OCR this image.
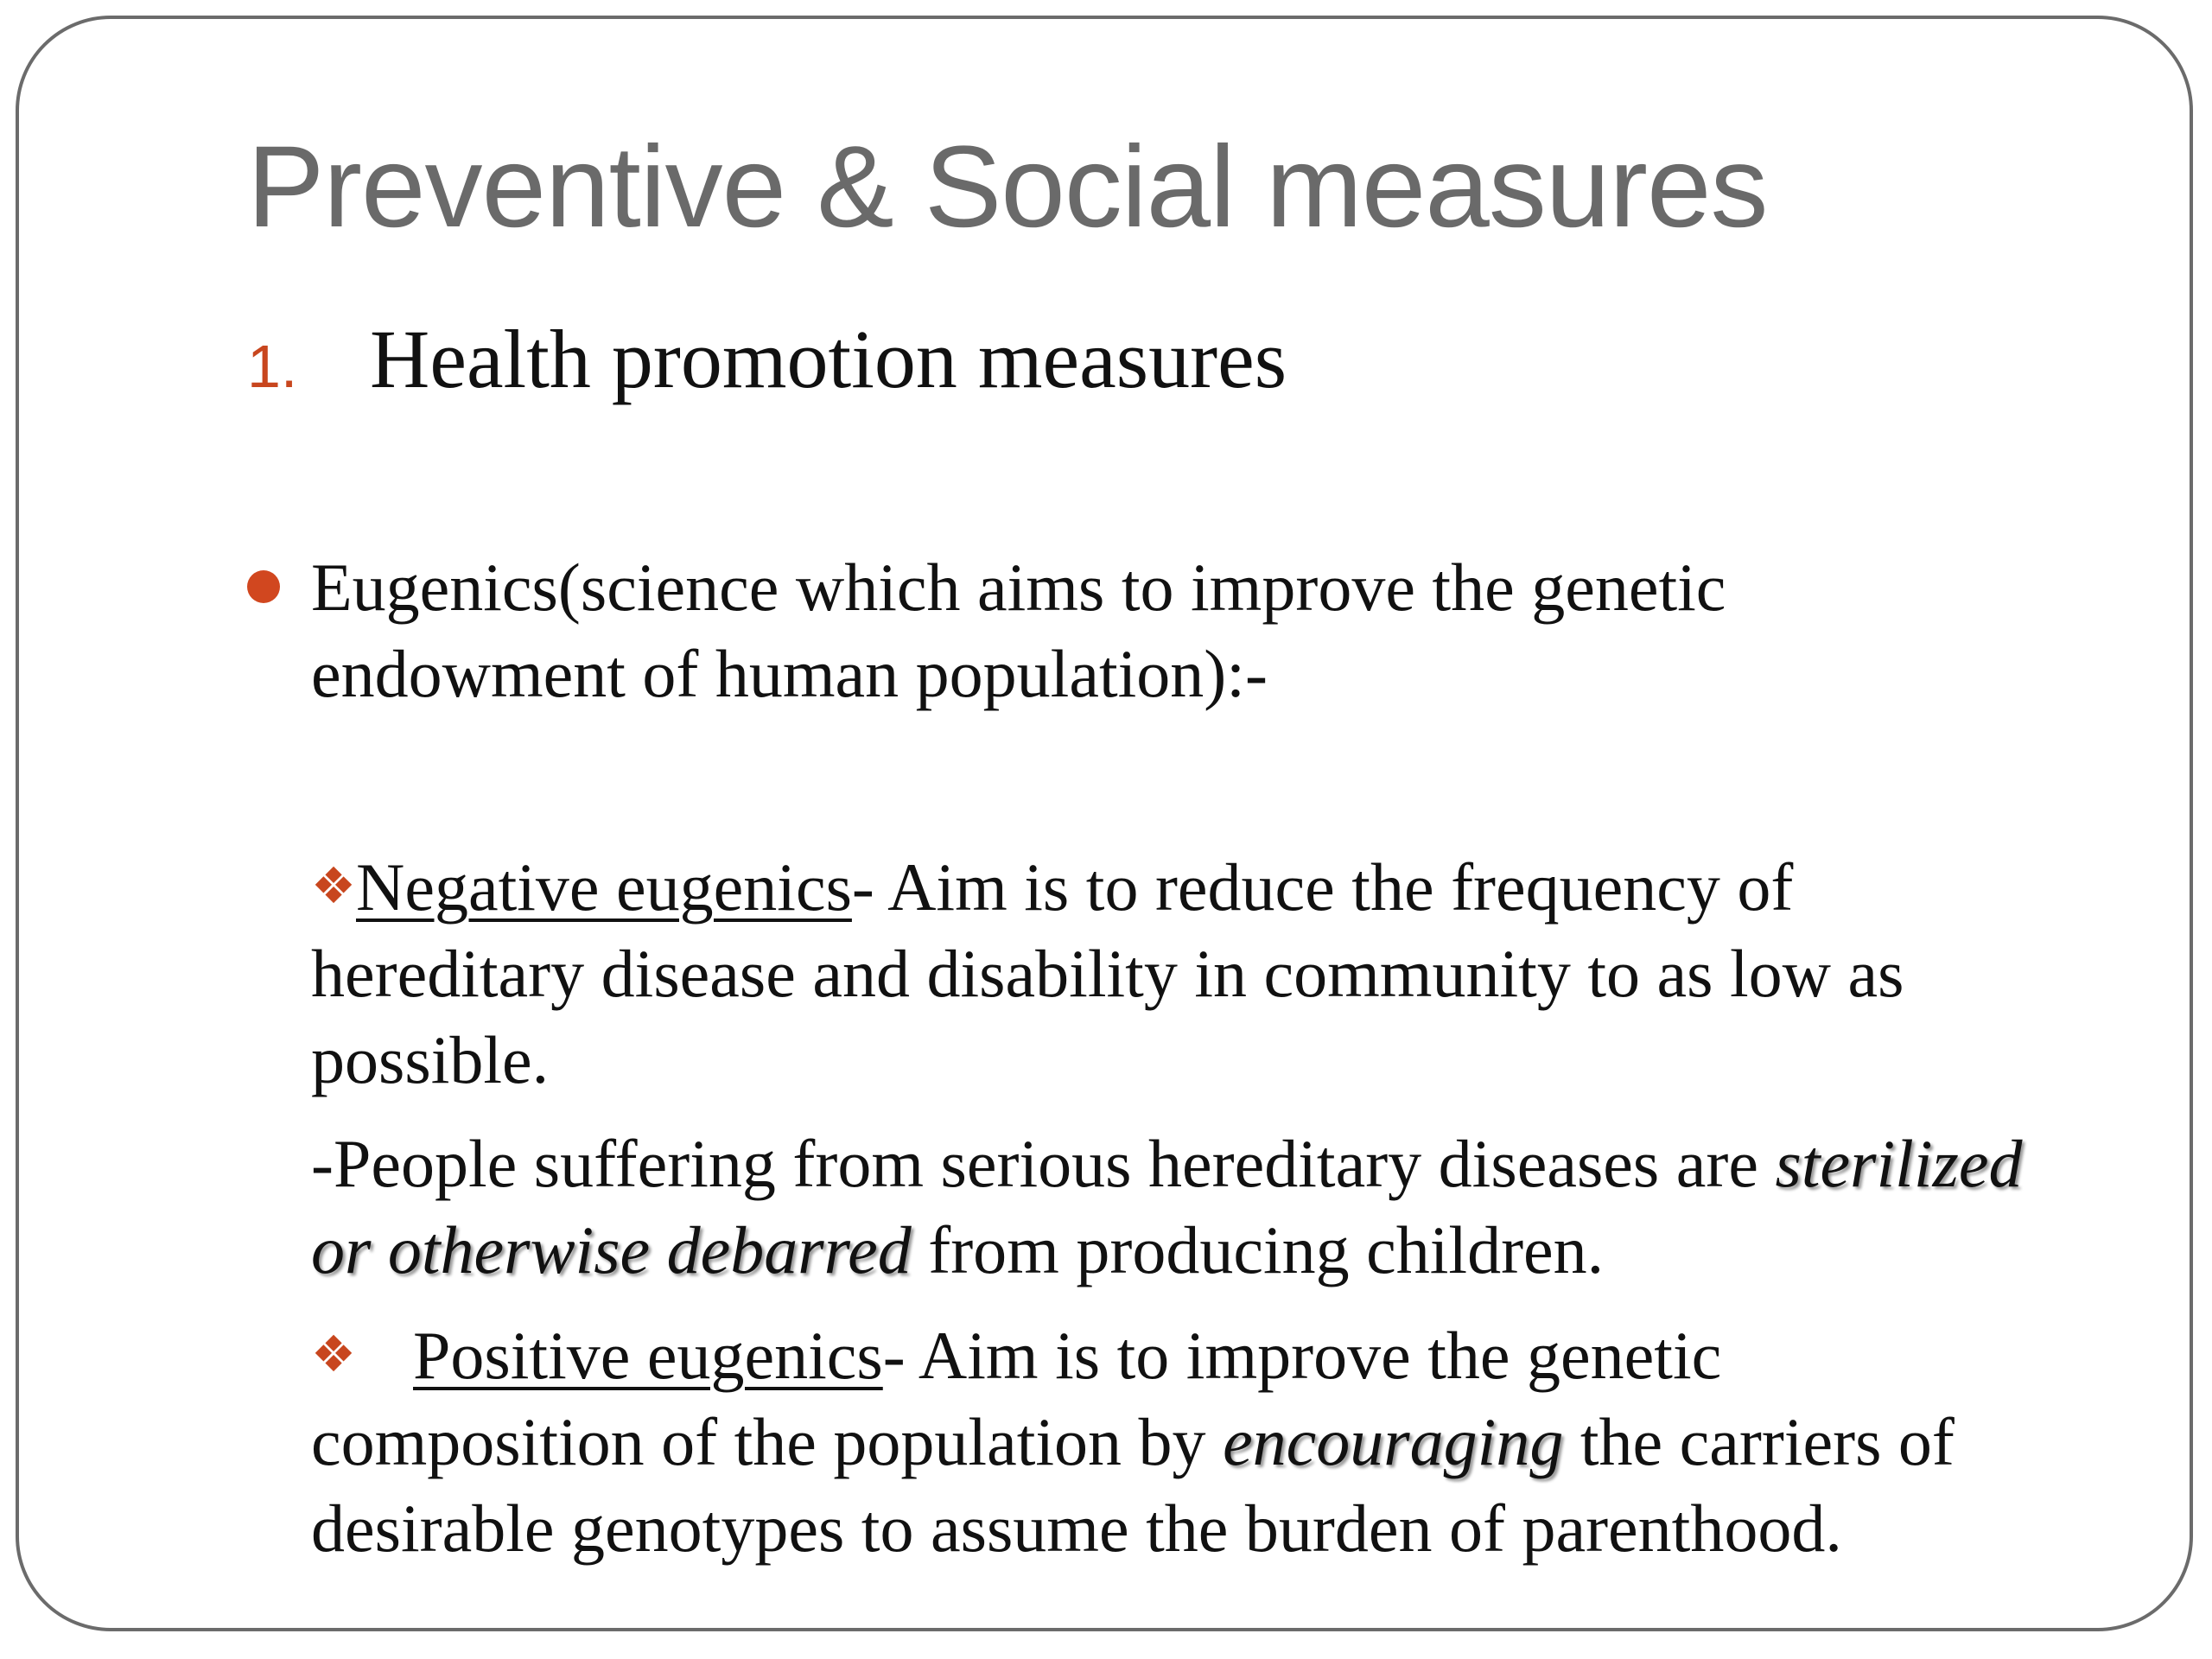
Preventive & Social measures
1. Health promotion measures
Eugenics(science which aims to improve the genetic
endowment of human population):-
❖Negative eugenics- Aim is to reduce the frequency of hereditary disease and disability in community to as low as possible.
-People suffering from serious hereditary diseases are sterilized or otherwise debarred from producing children.
❖ Positive eugenics- Aim is to improve the genetic composition of the population by encouraging the carriers of desirable genotypes to assume the burden of parenthood.
